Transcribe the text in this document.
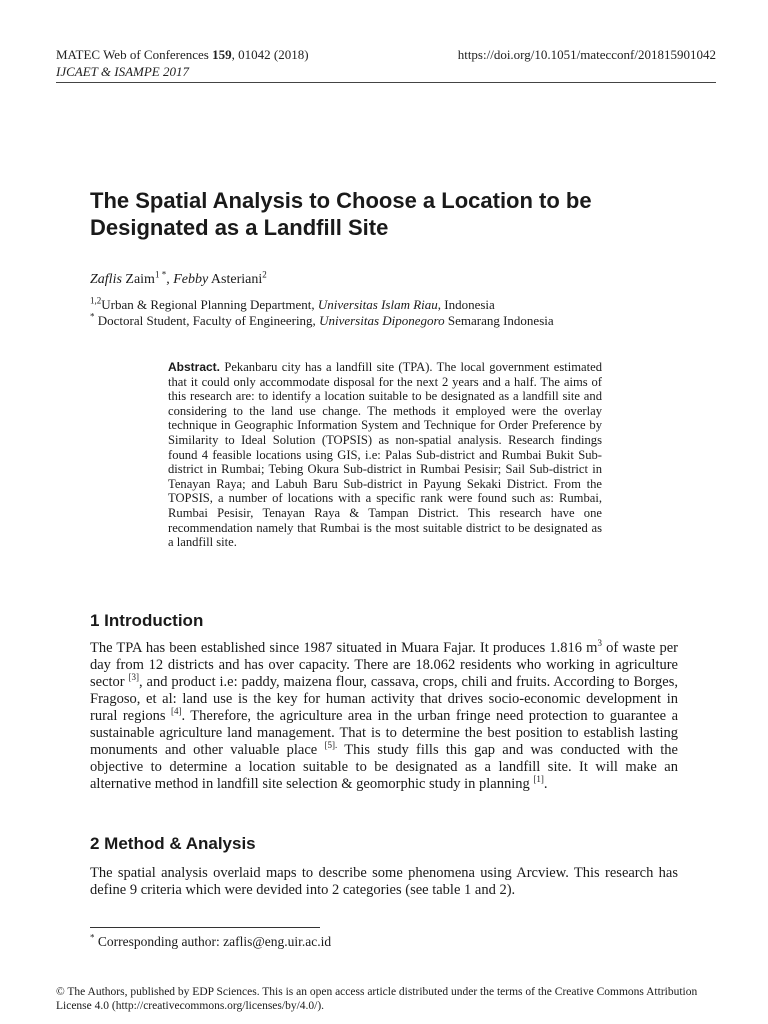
MATEC Web of Conferences 159, 01042 (2018)	https://doi.org/10.1051/matecconf/201815901042
IJCAET & ISAMPE 2017
The Spatial Analysis to Choose a Location to be Designated as a Landfill Site
Zaflis Zaim$^{1 *}$, Febby Asteriani$^2$
$^{1,2}$Urban & Regional Planning Department, Universitas Islam Riau, Indonesia
* Doctoral Student, Faculty of Engineering, Universitas Diponegoro Semarang Indonesia
Abstract. Pekanbaru city has a landfill site (TPA). The local government estimated that it could only accommodate disposal for the next 2 years and a half. The aims of this research are: to identify a location suitable to be designated as a landfill site and considering to the land use change. The methods it employed were the overlay technique in Geographic Information System and Technique for Order Preference by Similarity to Ideal Solution (TOPSIS) as non-spatial analysis. Research findings found 4 feasible locations using GIS, i.e: Palas Sub-district and Rumbai Bukit Sub-district in Rumbai; Tebing Okura Sub-district in Rumbai Pesisir; Sail Sub-district in Tenayan Raya; and Labuh Baru Sub-district in Payung Sekaki District. From the TOPSIS, a number of locations with a specific rank were found such as: Rumbai, Rumbai Pesisir, Tenayan Raya & Tampan District. This research have one recommendation namely that Rumbai is the most suitable district to be designated as a landfill site.
1 Introduction
The TPA has been established since 1987 situated in Muara Fajar. It produces 1.816 $m^3$ of waste per day from 12 districts and has over capacity. There are 18.062 residents who working in agriculture sector [3], and product i.e: paddy, maizena flour, cassava, crops, chili and fruits. According to Borges, Fragoso, et al: land use is the key for human activity that drives socio-economic development in rural regions [4]. Therefore, the agriculture area in the urban fringe need protection to guarantee a sustainable agriculture land management. That is to determine the best position to establish lasting monuments and other valuable place $^{[5].}$ This study fills this gap and was conducted with the objective to determine a location suitable to be designated as a landfill site. It will make an alternative method in landfill site selection & geomorphic study in planning [1].
2 Method & Analysis
The spatial analysis overlaid maps to describe some phenomena using Arcview. This research has define 9 criteria which were devided into 2 categories (see table 1 and 2).
* Corresponding author: zaflis@eng.uir.ac.id
© The Authors, published by EDP Sciences. This is an open access article distributed under the terms of the Creative Commons Attribution License 4.0 (http://creativecommons.org/licenses/by/4.0/).
